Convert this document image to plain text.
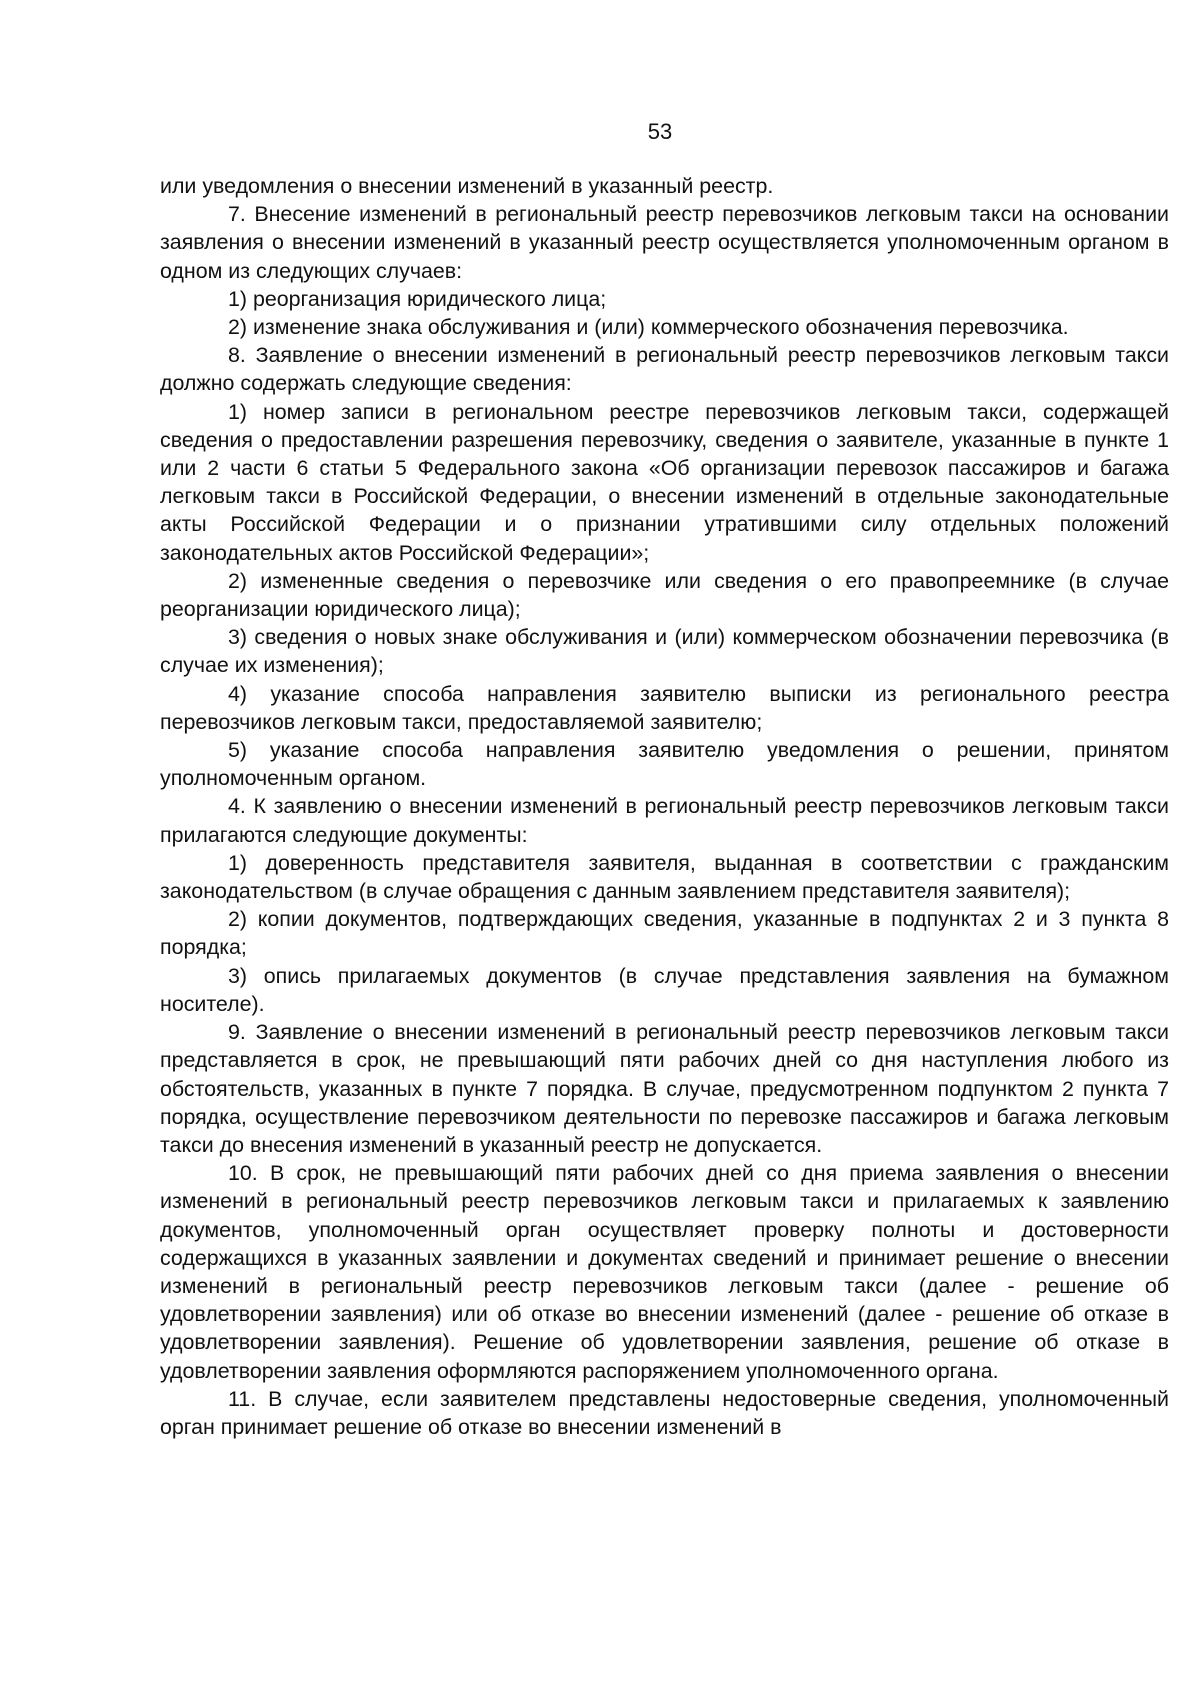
53

или уведомления о внесении изменений в указанный реестр.

7. Внесение изменений в региональный реестр перевозчиков легковым такси на основании заявления о внесении изменений в указанный реестр осуществляется уполномоченным органом в одном из следующих случаев:

1) реорганизация юридического лица;

2) изменение знака обслуживания и (или) коммерческого обозначения перевозчика.

8. Заявление о внесении изменений в региональный реестр перевозчиков легковым такси должно содержать следующие сведения:

1) номер записи в региональном реестре перевозчиков легковым такси, содержащей сведения о предоставлении разрешения перевозчику, сведения о заявителе, указанные в пункте 1 или 2 части 6 статьи 5 Федерального закона «Об организации перевозок пассажиров и багажа легковым такси в Российской Федерации, о внесении изменений в отдельные законодательные акты Российской Федерации и о признании утратившими силу отдельных положений законодательных актов Российской Федерации»;

2) измененные сведения о перевозчике или сведения о его правопреемнике (в случае реорганизации юридического лица);

3) сведения о новых знаке обслуживания и (или) коммерческом обозначении перевозчика (в случае их изменения);

4) указание способа направления заявителю выписки из регионального реестра перевозчиков легковым такси, предоставляемой заявителю;

5) указание способа направления заявителю уведомления о решении, принятом уполномоченным органом.

4. К заявлению о внесении изменений в региональный реестр перевозчиков легковым такси прилагаются следующие документы:

1) доверенность представителя заявителя, выданная в соответствии с гражданским законодательством (в случае обращения с данным заявлением представителя заявителя);

2) копии документов, подтверждающих сведения, указанные в подпунктах 2 и 3 пункта 8 порядка;

3) опись прилагаемых документов (в случае представления заявления на бумажном носителе).

9. Заявление о внесении изменений в региональный реестр перевозчиков легковым такси представляется в срок, не превышающий пяти рабочих дней со дня наступления любого из обстоятельств, указанных в пункте 7 порядка. В случае, предусмотренном подпунктом 2 пункта 7 порядка, осуществление перевозчиком деятельности по перевозке пассажиров и багажа легковым такси до внесения изменений в указанный реестр не допускается.

10. В срок, не превышающий пяти рабочих дней со дня приема заявления о внесении изменений в региональный реестр перевозчиков легковым такси и прилагаемых к заявлению документов, уполномоченный орган осуществляет проверку полноты и достоверности содержащихся в указанных заявлении и документах сведений и принимает решение о внесении изменений в региональный реестр перевозчиков легковым такси (далее - решение об удовлетворении заявления) или об отказе во внесении изменений (далее - решение об отказе в удовлетворении заявления). Решение об удовлетворении заявления, решение об отказе в удовлетворении заявления оформляются распоряжением уполномоченного органа.

11. В случае, если заявителем представлены недостоверные сведения, уполномоченный орган принимает решение об отказе во внесении изменений в
